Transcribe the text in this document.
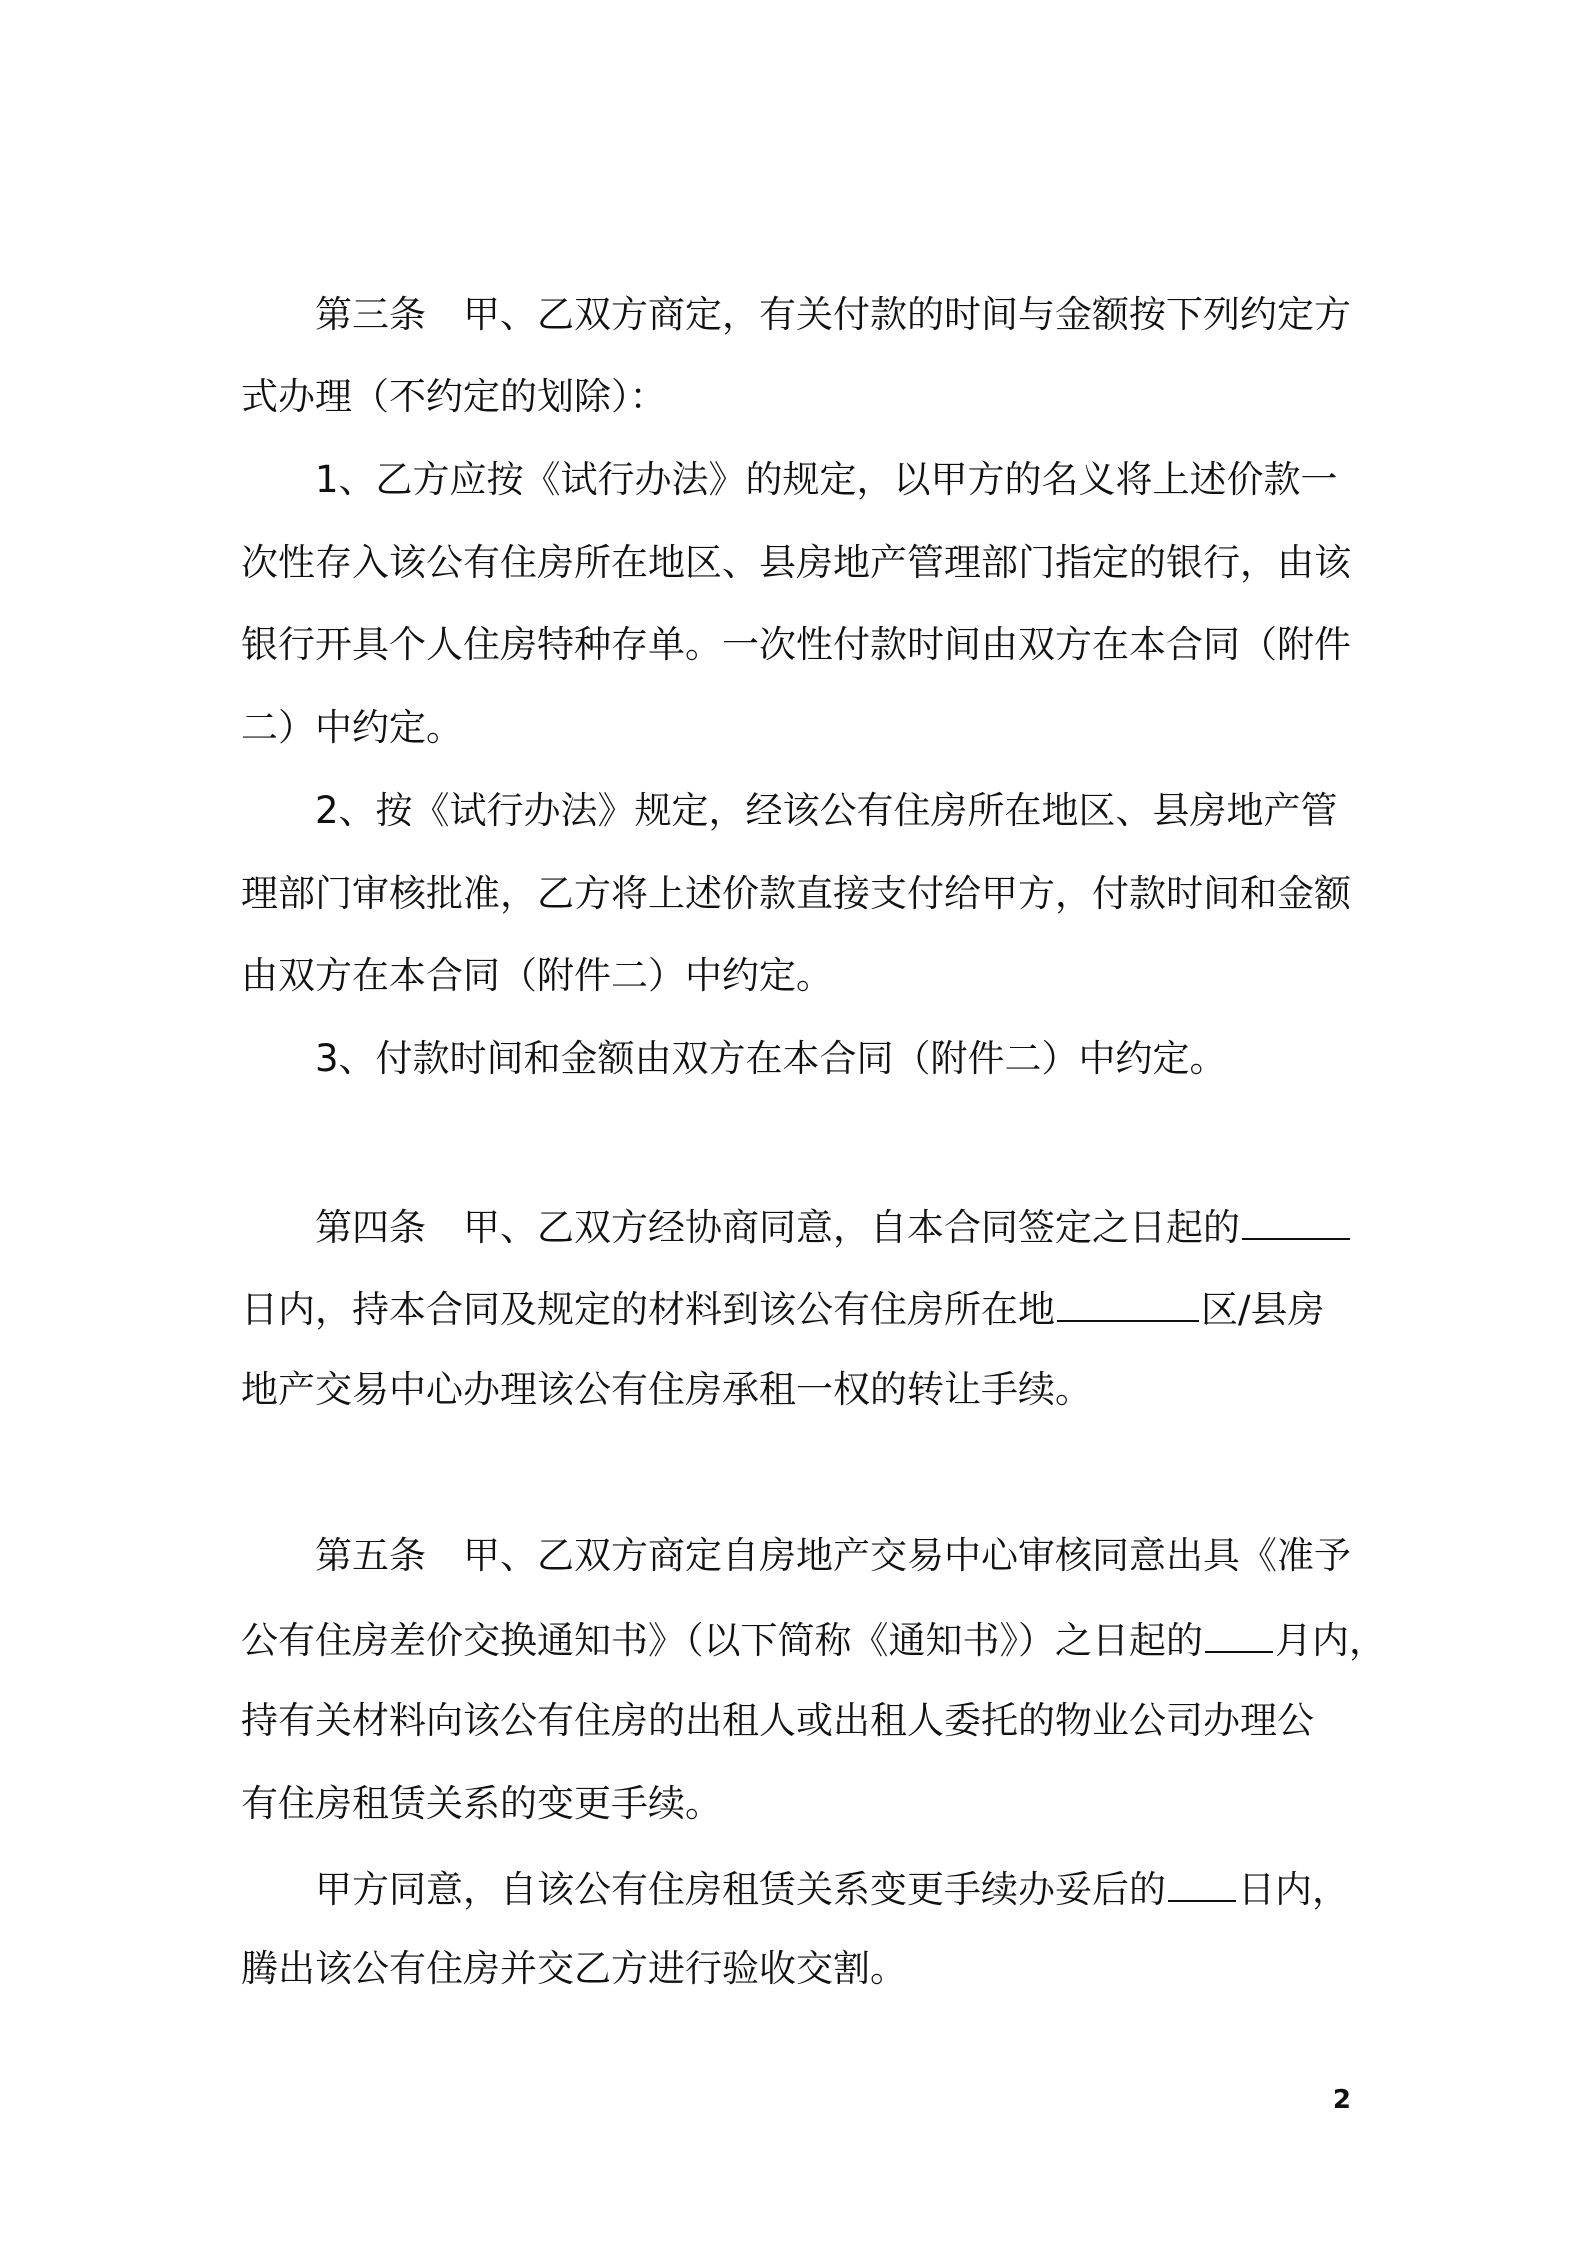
第三条　甲、乙双方商定，有关付款的时间与金额按下列约定方
式办理（不约定的划除）：
1、乙方应按《试行办法》的规定，以甲方的名义将上述价款一
次性存入该公有住房所在地区、县房地产管理部门指定的银行，由该
银行开具个人住房特种存单。一次性付款时间由双方在本合同（附件
二）中约定。
2、按《试行办法》规定，经该公有住房所在地区、县房地产管
理部门审核批准，乙方将上述价款直接支付给甲方，付款时间和金额
由双方在本合同（附件二）中约定。
3、付款时间和金额由双方在本合同（附件二）中约定。
第四条　甲、乙双方经协商同意，自本合同签定之日起的
日内，持本合同及规定的材料到该公有住房所在地	区/县房
地产交易中心办理该公有住房承租一权的转让手续。
第五条　甲、乙双方商定自房地产交易中心审核同意出具《准予
公有住房差价交换通知书》（以下简称《通知书》）之日起的 月内，
持有关材料向该公有住房的出租人或出租人委托的物业公司办理公
有住房租赁关系的变更手续。
甲方同意，自该公有住房租赁关系变更手续办妥后的 日内，
腾出该公有住房并交乙方进行验收交割。
2
